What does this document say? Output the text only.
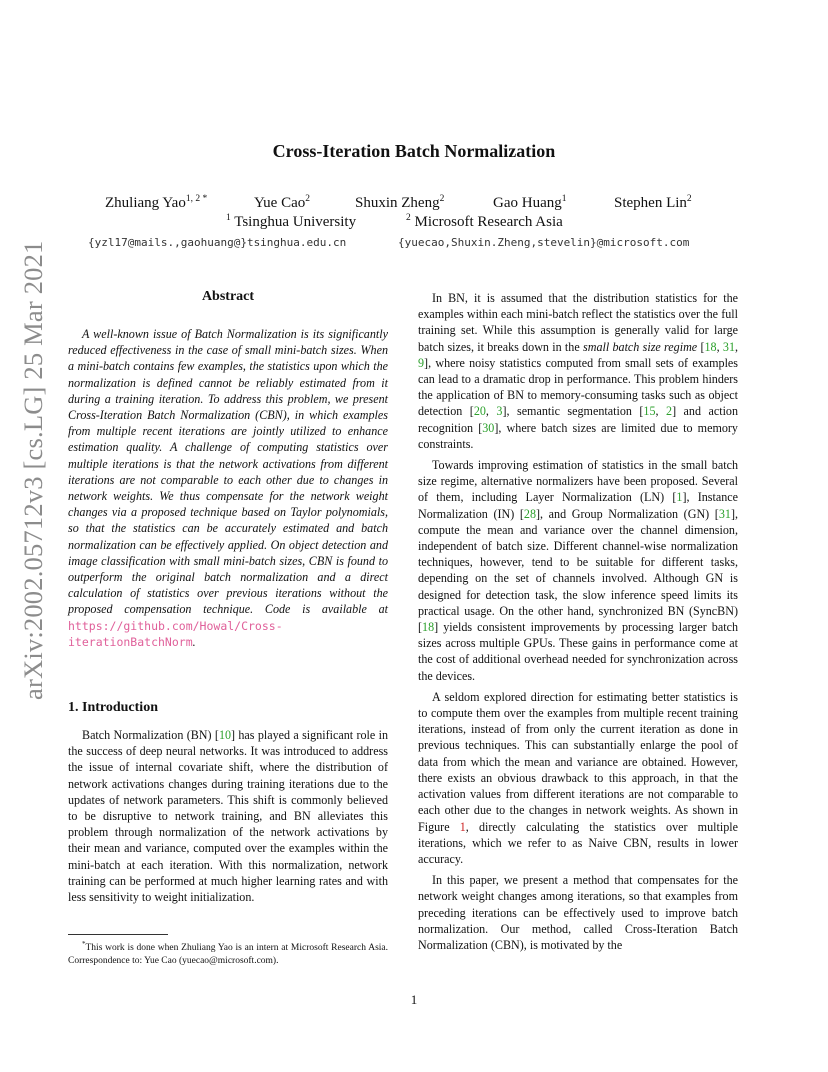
arXiv:2002.05712v3 [cs.LG] 25 Mar 2021
Cross-Iteration Batch Normalization
Zhuliang Yao$^{1, 2 *}$	Yue Cao$^2$	Shuxin Zheng$^2$	Gao Huang$^1$	Stephen Lin$^2$
$^1$ Tsinghua University	$^2$ Microsoft Research Asia
{yzl17@mails.,gaohuang@}tsinghua.edu.cn	{yuecao,Shuxin.Zheng,stevelin}@microsoft.com
Abstract
A well-known issue of Batch Normalization is its significantly reduced effectiveness in the case of small mini-batch sizes. When a mini-batch contains few examples, the statistics upon which the normalization is defined cannot be reliably estimated from it during a training iteration. To address this problem, we present Cross-Iteration Batch Normalization (CBN), in which examples from multiple recent iterations are jointly utilized to enhance estimation quality. A challenge of computing statistics over multiple iterations is that the network activations from different iterations are not comparable to each other due to changes in network weights. We thus compensate for the network weight changes via a proposed technique based on Taylor polynomials, so that the statistics can be accurately estimated and batch normalization can be effectively applied. On object detection and image classification with small mini-batch sizes, CBN is found to outperform the original batch normalization and a direct calculation of statistics over previous iterations without the proposed compensation technique. Code is available at https://github.com/Howal/Cross-iterationBatchNorm.
1. Introduction
Batch Normalization (BN) [10] has played a significant role in the success of deep neural networks. It was introduced to address the issue of internal covariate shift, where the distribution of network activations changes during training iterations due to the updates of network parameters. This shift is commonly believed to be disruptive to network training, and BN alleviates this problem through normalization of the network activations by their mean and variance, computed over the examples within the mini-batch at each iteration. With this normalization, network training can be performed at much higher learning rates and with less sensitivity to weight initialization.
*This work is done when Zhuliang Yao is an intern at Microsoft Research Asia. Correspondence to: Yue Cao (yuecao@microsoft.com).

In BN, it is assumed that the distribution statistics for the examples within each mini-batch reflect the statistics over the full training set. While this assumption is generally valid for large batch sizes, it breaks down in the small batch size regime [18, 31, 9], where noisy statistics computed from small sets of examples can lead to a dramatic drop in performance. This problem hinders the application of BN to memory-consuming tasks such as object detection [20, 3], semantic segmentation [15, 2] and action recognition [30], where batch sizes are limited due to memory constraints.

Towards improving estimation of statistics in the small batch size regime, alternative normalizers have been proposed. Several of them, including Layer Normalization (LN) [1], Instance Normalization (IN) [28], and Group Normalization (GN) [31], compute the mean and variance over the channel dimension, independent of batch size. Different channel-wise normalization techniques, however, tend to be suitable for different tasks, depending on the set of channels involved. Although GN is designed for detection task, the slow inference speed limits its practical usage. On the other hand, synchronized BN (SyncBN) [18] yields consistent improvements by processing larger batch sizes across multiple GPUs. These gains in performance come at the cost of additional overhead needed for synchronization across the devices.

A seldom explored direction for estimating better statistics is to compute them over the examples from multiple recent training iterations, instead of from only the current iteration as done in previous techniques. This can substantially enlarge the pool of data from which the mean and variance are obtained. However, there exists an obvious drawback to this approach, in that the activation values from different iterations are not comparable to each other due to the changes in network weights. As shown in Figure 1, directly calculating the statistics over multiple iterations, which we refer to as Naive CBN, results in lower accuracy.

In this paper, we present a method that compensates for the network weight changes among iterations, so that examples from preceding iterations can be effectively used to improve batch normalization. Our method, called Cross-Iteration Batch Normalization (CBN), is motivated by the

1
